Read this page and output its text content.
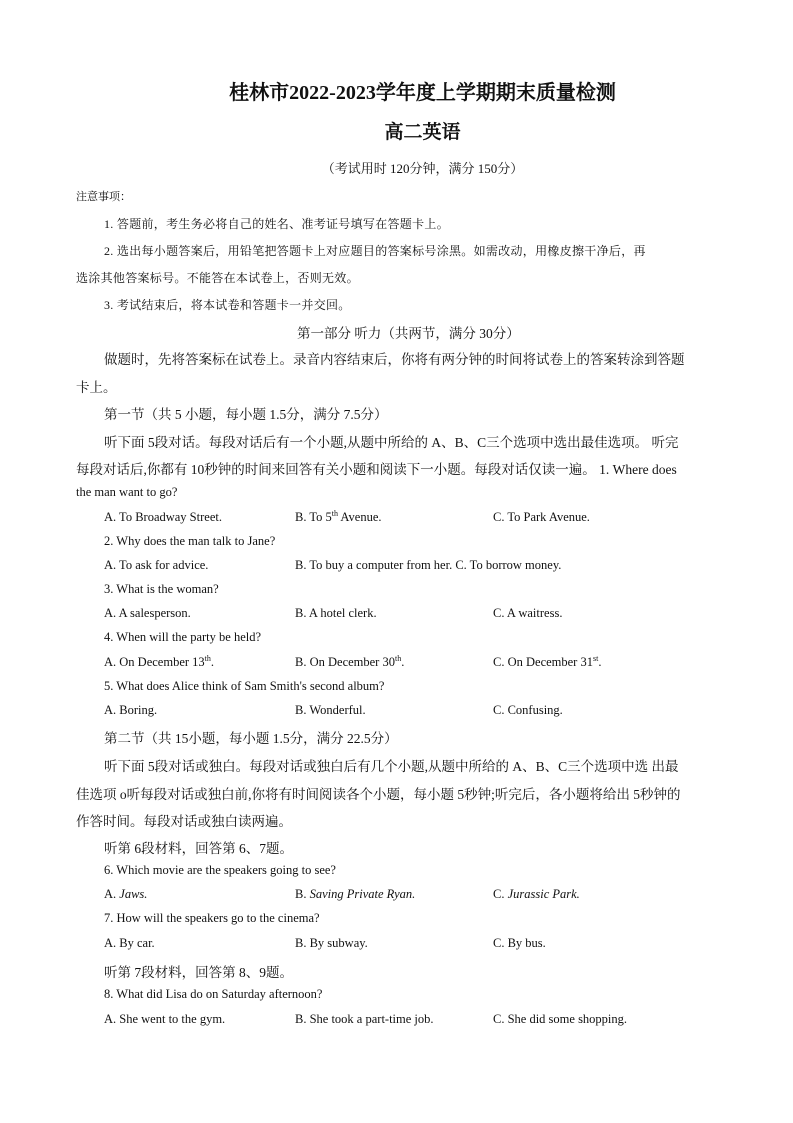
桂林市2022-2023学年度上学期期末质量检测
高二英语
（考试用时 120分钟，满分 150分）
注意事项：
1. 答题前，考生务必将自己的姓名、准考证号填写在答题卡上。
2. 选出每小题答案后，用铅笔把答题卡上对应题目的答案标号涂黑。如需改动，用橡皮擦干净后，再
选涂其他答案标号。不能答在本试卷上，否则无效。
3. 考试结束后，将本试卷和答题卡一并交回。
第一部分 听力（共两节，满分 30分）
做题时，先将答案标在试卷上。录音内容结束后，你将有两分钟的时间将试卷上的答案转涂到答题
卡上。
第一节（共 5 小题，每小题 1.5分，满分 7.5分）
听下面 5段对话。每段对话后有一个小题,从题中所给的 A、B、C三个选项中选出最佳选项。 听完
每段对话后,你都有 10秒钟的时间来回答有关小题和阅读下一小题。每段对话仅读一遍。 1. Where does
the man want to go?
A. To Broadway Street.	B. To 5th Avenue.	C. To Park Avenue.
2. Why does the man talk to Jane?
A. To ask for advice.	B. To buy a computer from her. C. To borrow money.
3. What is the woman?
A. A salesperson.	B. A hotel clerk.	C. A waitress.
4. When will the party be held?
A. On December 13th.	B. On December 30th.	C. On December 31st.
5. What does Alice think of Sam Smith's second album?
A. Boring.	B. Wonderful.	C. Confusing.
第二节（共 15小题，每小题 1.5分，满分 22.5分）
听下面 5段对话或独白。每段对话或独白后有几个小题,从题中所给的 A、B、C三个选项中选 出最
佳选项 o听每段对话或独白前,你将有时间阅读各个小题，每小题 5秒钟;听完后，各小题将给出 5秒钟的
作答时间。每段对话或独白读两遍。
听第 6段材料，回答第 6、7题。
6. Which movie are the speakers going to see?
A. Jaws.	B. Saving Private Ryan.	C. Jurassic Park.
7. How will the speakers go to the cinema?
A. By car.	B. By subway.	C. By bus.
听第 7段材料，回答第 8、9题。
8. What did Lisa do on Saturday afternoon?
A. She went to the gym.	B. She took a part-time job.	C. She did some shopping.
